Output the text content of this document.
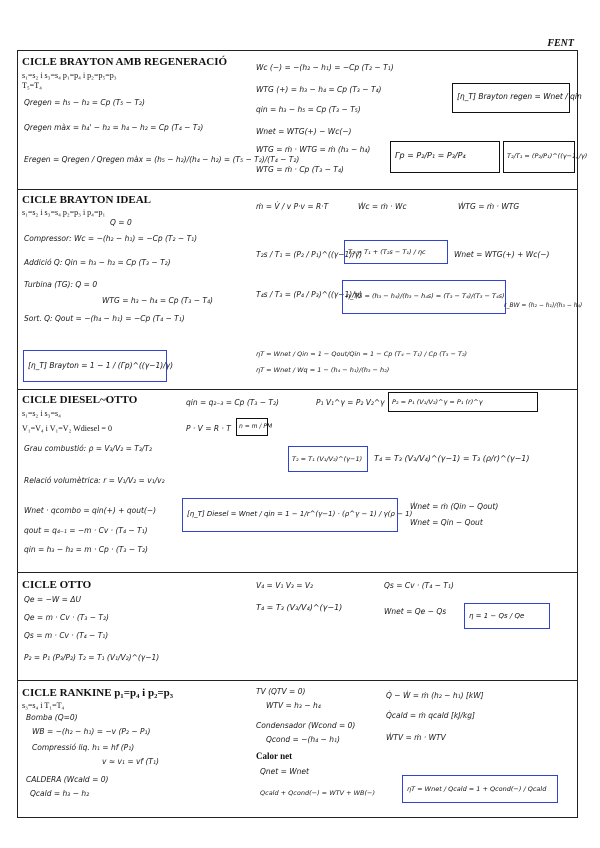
FENT
CICLE BRAYTON AMB REGENERACIÓ
s₁=s₂ i s₃=s₄ p₁=p₄ i p₂=p₅=p₃
T₅=T₄
Qregen = h₅ − h₂ = Cp (T₅ − T₂)
Qregen màx = h₄' − h₂ = h₄ − h₂ = Cp (T₄ − T₂)
Eregen = Qregen / Qregen màx = (h₅ − h₂)/(h₄ − h₂) = (T₅ − T₂)/(T₄ − T₂)
Wc (−) = −(h₂ − h₁) = −Cp (T₂ − T₁)
WTG (+) = h₃ − h₄ = Cp (T₃ − T₄)
qin = h₃ − h₅ = Cp (T₃ − T₅)
Wnet = WTG(+) − Wc(−)
WTG = ṁ · WTG = ṁ (h₃ − h₄)
WTG = ṁ · Cp (T₃ − T₄)
[η_T] Brayton regen = Wnet / qin
Γp = P₂/P₁ = P₃/P₄	T₂/T₁ = (P₂/P₁)^((γ−1)/γ)
CICLE BRAYTON IDEAL
s₁=s₂ i s₃=s₄ p₂=p₃ i p₄=p₁
Q = 0
Compressor: Wc = −(h₂ − h₁) = −Cp (T₂ − T₁)
Addició Q: Qin = h₃ − h₂ = Cp (T₃ − T₂)
Turbina (TG): Q = 0
WTG = h₃ − h₄ = Cp (T₃ − T₄)
Sort. Q: Qout = −(h₄ − h₁) = −Cp (T₄ − T₁)
ṁ = V̇ / v P·v = R·T	Ẇc = ṁ · Wc	ẆTG = ṁ · WTG
T₂s / T₁ = (P₂ / P₁)^((γ−1)/γ)
T₂ = T₁ + (T₂s − T₁) / ηc	Wnet = WTG(+) + Wc(−)
T₄s / T₃ = (P₄ / P₃)^((γ−1)/γ)
η_TG = (h₃ − h₄)/(h₃ − h₄s) = (T₃ − T₄)/(T₃ − T₄s)
r_BW = (h₂ − h₁)/(h₃ − h₄)
[η_T] Brayton = 1 − 1 / (Γp)^((γ−1)/γ)
ηT = Wnet / Qin = 1 − Qout/Qin = 1 − Cp (T₄ − T₁) / Cp (T₃ − T₂)
ηT = Wnet / Wq = 1 − (h₄ − h₁)/(h₃ − h₂)
CICLE DIESEL~OTTO
s₁=s₂ i s₃=s₄
V₁=V₄ i V₁=V₂ Wdiesel = 0
Grau combustió: ρ = V₃/V₂ = T₃/T₂
Relació volumètrica: r = V₁/V₂ = v₁/v₂
Wnet · qcombo = qin(+) + qout(−)
qout = q₄₋₁ = −m · Cv · (T₄ − T₁)
qin = h₃ − h₂ = m · Cp · (T₃ − T₂)
qin = q₂₋₃ = Cp (T₃ − T₂)	P₁ V₁^γ = P₂ V₂^γ P₂ = P₁ (V₁/V₂)^γ = P₁ (r)^γ
P · V = R · T n = m / PM
T₂ = T₁ (V₁/V₂)^(γ−1) T₄ = T₃ (V₃/V₄)^(γ−1) = T₃ (ρ/r)^(γ−1)
[η_T] Diesel = Wnet / qin = 1 − 1/r^(γ−1) · (ρ^γ − 1) / γ(ρ − 1)
Ẇnet = ṁ (Qin − Qout)
Wnet = Qin − Qout
CICLE OTTO
Qe = −W = ΔU
Qe = m · Cv · (T₃ − T₂)
Qs = m · Cv · (T₄ − T₁)
P₂ = P₁ (P₃/P₂) T₂ = T₁ (V₁/V₂)^(γ−1)
V₄ = V₁ V₃ = V₂	Qs = Cv · (T₄ − T₁)
T₄ = T₃ (V₃/V₄)^(γ−1)	Wnet = Qe − Qs	η = 1 − Qs / Qe
CICLE RANKINE p₁=p₄ i p₂=p₃
s₃=s₄ i T₁=T₄
Bomba (Q=0)
WB = −(h₂ − h₁) = −v (P₂ − P₁)
Compressió liq. h₁ = hf (P₁)
v ≈ v₁ = vf (T₁)
CALDERA (Wcald = 0)
Qcald = h₃ − h₂
TV (QTV = 0)
WTV = h₃ − h₄
Condensador (Wcond = 0)
Qcond = −(h₄ − h₁)
Q̇ − Ẇ = ṁ (h₂ − h₁) [kW]
Q̇cald = ṁ qcald [kJ/kg]
ẆTV = ṁ · WTV
Calor net
Qnet = Wnet
Qcald + Qcond(−) = WTV + WB(−)	ηT = Wnet / Qcald = 1 + Qcond(−) / Qcald
